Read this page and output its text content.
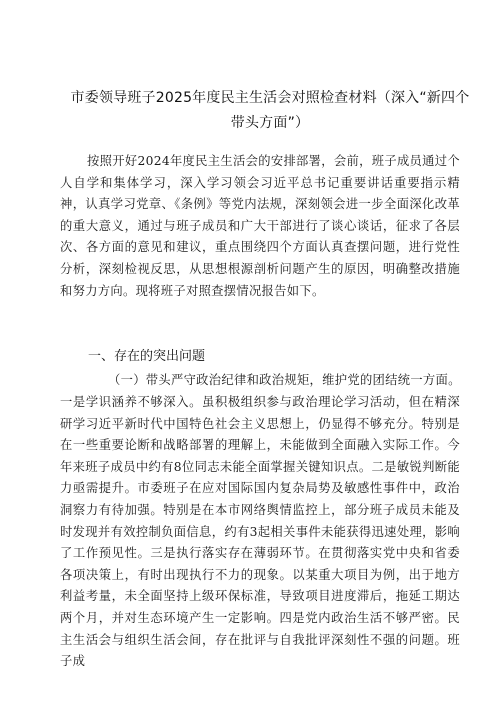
市委领导班子2025年度民主生活会对照检查材料（深入“新四个带头方面”）

按照开好2024年度民主生活会的安排部署，会前，班子成员通过个人自学和集体学习，深入学习领会习近平总书记重要讲话重要指示精神，认真学习党章、《条例》等党内法规，深刻领会进一步全面深化改革的重大意义，通过与班子成员和广大干部进行了谈心谈话，征求了各层次、各方面的意见和建议，重点围绕四个方面认真查摆问题，进行党性分析，深刻检视反思，从思想根源剖析问题产生的原因，明确整改措施和努力方向。现将班子对照查摆情况报告如下。

一、存在的突出问题
（一）带头严守政治纪律和政治规矩，维护党的团结统一方面。

一是学识涵养不够深入。虽积极组织参与政治理论学习活动，但在精深研学习近平新时代中国特色社会主义思想上，仍显得不够充分。特别是在一些重要论断和战略部署的理解上，未能做到全面融入实际工作。今年来班子成员中约有8位同志未能全面掌握关键知识点。二是敏锐判断能力亟需提升。市委班子在应对国际国内复杂局势及敏感性事件中，政治洞察力有待加强。特别是在本市网络舆情监控上，部分班子成员未能及时发现并有效控制负面信息，约有3起相关事件未能获得迅速处理，影响了工作预见性。三是执行落实存在薄弱环节。在贯彻落实党中央和省委各项决策上，有时出现执行不力的现象。以某重大项目为例，出于地方利益考量，未全面坚持上级环保标准，导致项目进度滞后，拖延工期达两个月，并对生态环境产生一定影响。四是党内政治生活不够严密。民主生活会与组织生活会间，存在批评与自我批评深刻性不强的问题。班子成
